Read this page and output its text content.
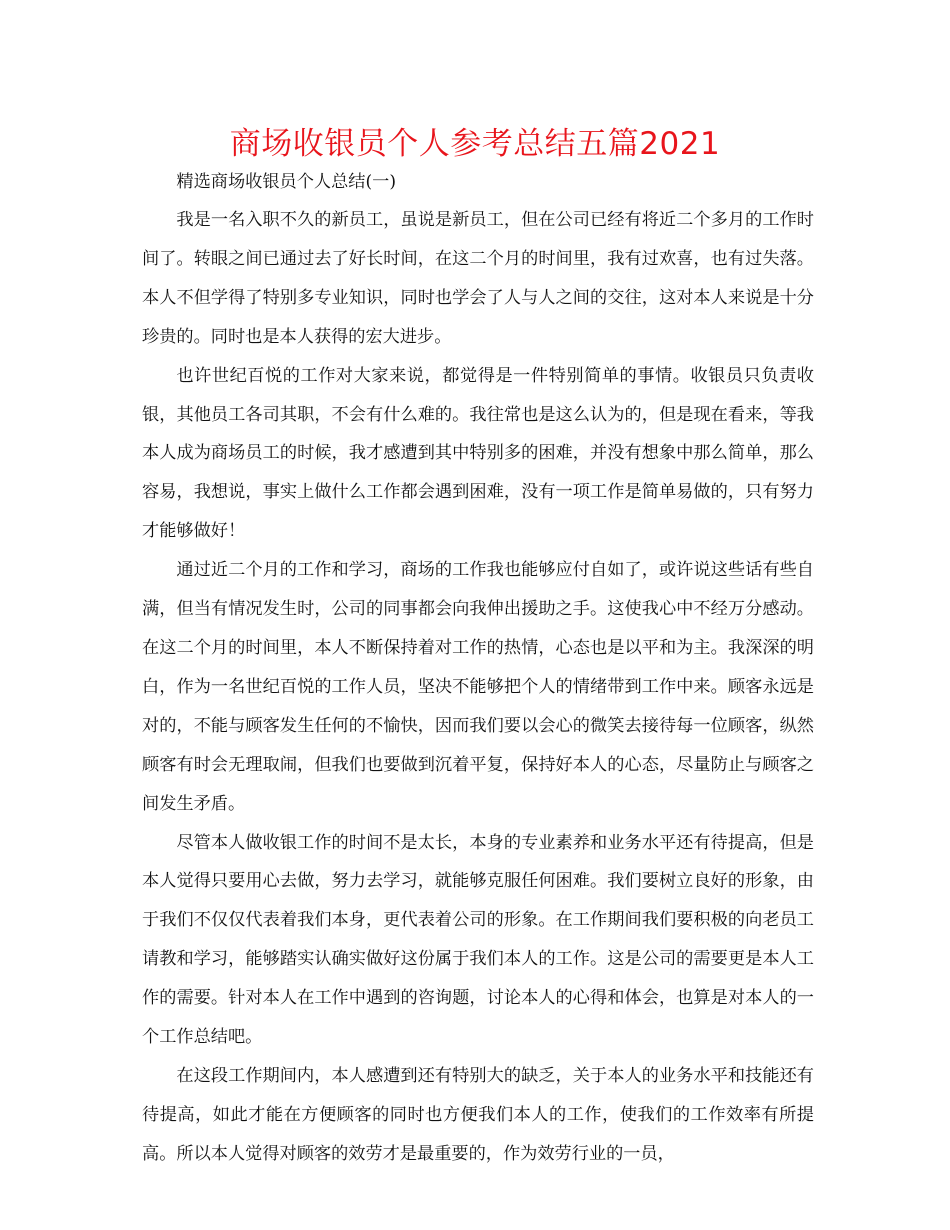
商场收银员个人参考总结五篇2021

精选商场收银员个人总结(一)

我是一名入职不久的新员工，虽说是新员工，但在公司已经有将近二个多月的工作时间了。转眼之间已通过去了好长时间，在这二个月的时间里，我有过欢喜，也有过失落。本人不但学得了特别多专业知识，同时也学会了人与人之间的交往，这对本人来说是十分珍贵的。同时也是本人获得的宏大进步。

也许世纪百悦的工作对大家来说，都觉得是一件特别简单的事情。收银员只负责收银，其他员工各司其职，不会有什么难的。我往常也是这么认为的，但是现在看来，等我本人成为商场员工的时候，我才感遭到其中特别多的困难，并没有想象中那么简单，那么容易，我想说，事实上做什么工作都会遇到困难，没有一项工作是简单易做的，只有努力才能够做好！

通过近二个月的工作和学习，商场的工作我也能够应付自如了，或许说这些话有些自满，但当有情况发生时，公司的同事都会向我伸出援助之手。这使我心中不经万分感动。在这二个月的时间里，本人不断保持着对工作的热情，心态也是以平和为主。我深深的明白，作为一名世纪百悦的工作人员，坚决不能够把个人的情绪带到工作中来。顾客永远是对的，不能与顾客发生任何的不愉快，因而我们要以会心的微笑去接待每一位顾客，纵然顾客有时会无理取闹，但我们也要做到沉着平复，保持好本人的心态，尽量防止与顾客之间发生矛盾。

尽管本人做收银工作的时间不是太长，本身的专业素养和业务水平还有待提高，但是本人觉得只要用心去做，努力去学习，就能够克服任何困难。我们要树立良好的形象，由于我们不仅仅代表着我们本身，更代表着公司的形象。在工作期间我们要积极的向老员工请教和学习，能够踏实认确实做好这份属于我们本人的工作。这是公司的需要更是本人工作的需要。针对本人在工作中遇到的咨询题，讨论本人的心得和体会，也算是对本人的一个工作总结吧。

在这段工作期间内，本人感遭到还有特别大的缺乏，关于本人的业务水平和技能还有待提高，如此才能在方便顾客的同时也方便我们本人的工作，使我们的工作效率有所提高。所以本人觉得对顾客的效劳才是最重要的，作为效劳行业的一员，
